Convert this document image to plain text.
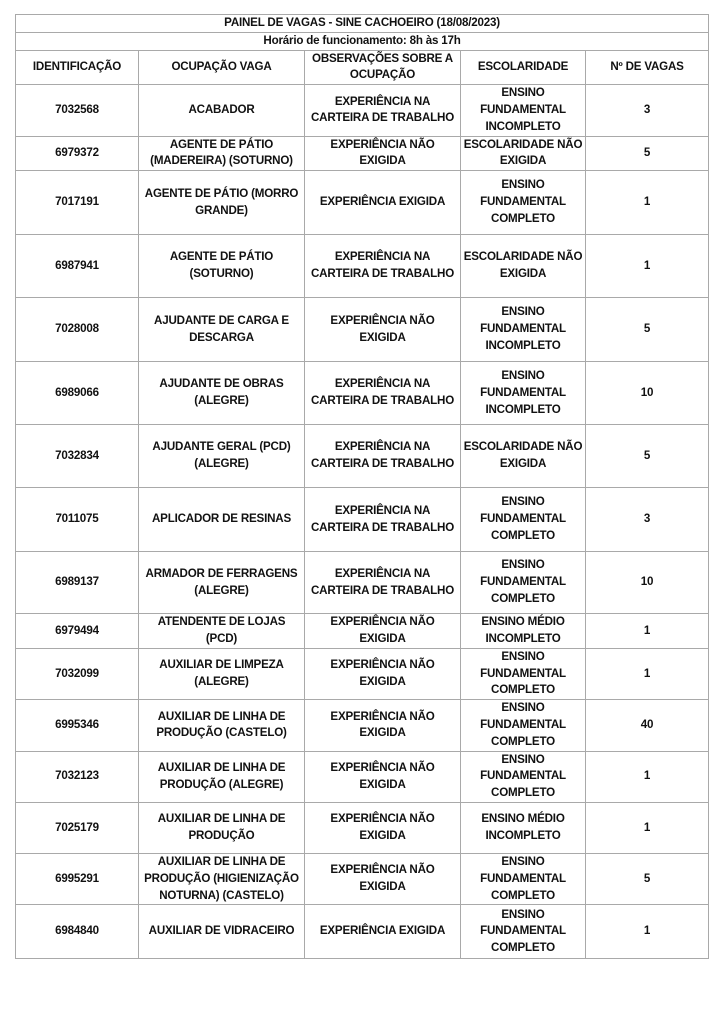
PAINEL DE VAGAS - SINE CACHOEIRO (18/08/2023)				
Horário de funcionamento: 8h às 17h				
IDENTIFICAÇÃO	OCUPAÇÃO VAGA	OBSERVAÇÕES SOBRE A OCUPAÇÃO	ESCOLARIDADE	Nº DE VAGAS
7032568	ACABADOR	EXPERIÊNCIA NA CARTEIRA DE TRABALHO	ENSINO FUNDAMENTAL INCOMPLETO	3
6979372	AGENTE DE PÁTIO (MADEREIRA) (SOTURNO)	EXPERIÊNCIA NÃO EXIGIDA	ESCOLARIDADE NÃO EXIGIDA	5
7017191	AGENTE DE PÁTIO (MORRO GRANDE)	EXPERIÊNCIA EXIGIDA	ENSINO FUNDAMENTAL COMPLETO	1
6987941	AGENTE DE PÁTIO (SOTURNO)	EXPERIÊNCIA NA CARTEIRA DE TRABALHO	ESCOLARIDADE NÃO EXIGIDA	1
7028008	AJUDANTE DE CARGA E DESCARGA	EXPERIÊNCIA NÃO EXIGIDA	ENSINO FUNDAMENTAL INCOMPLETO	5
6989066	AJUDANTE DE OBRAS (ALEGRE)	EXPERIÊNCIA NA CARTEIRA DE TRABALHO	ENSINO FUNDAMENTAL INCOMPLETO	10
7032834	AJUDANTE GERAL (PCD) (ALEGRE)	EXPERIÊNCIA NA CARTEIRA DE TRABALHO	ESCOLARIDADE NÃO EXIGIDA	5
7011075	APLICADOR DE RESINAS	EXPERIÊNCIA NA CARTEIRA DE TRABALHO	ENSINO FUNDAMENTAL COMPLETO	3
6989137	ARMADOR DE FERRAGENS (ALEGRE)	EXPERIÊNCIA NA CARTEIRA DE TRABALHO	ENSINO FUNDAMENTAL COMPLETO	10
6979494	ATENDENTE DE LOJAS (PCD)	EXPERIÊNCIA NÃO EXIGIDA	ENSINO MÉDIO INCOMPLETO	1
7032099	AUXILIAR DE LIMPEZA (ALEGRE)	EXPERIÊNCIA NÃO EXIGIDA	ENSINO FUNDAMENTAL COMPLETO	1
6995346	AUXILIAR DE LINHA DE PRODUÇÃO (CASTELO)	EXPERIÊNCIA NÃO EXIGIDA	ENSINO FUNDAMENTAL COMPLETO	40
7032123	AUXILIAR DE LINHA DE PRODUÇÃO (ALEGRE)	EXPERIÊNCIA NÃO EXIGIDA	ENSINO FUNDAMENTAL COMPLETO	1
7025179	AUXILIAR DE LINHA DE PRODUÇÃO	EXPERIÊNCIA NÃO EXIGIDA	ENSINO MÉDIO INCOMPLETO	1
6995291	AUXILIAR DE LINHA DE PRODUÇÃO (HIGIENIZAÇÃO NOTURNA) (CASTELO)	EXPERIÊNCIA NÃO EXIGIDA	ENSINO FUNDAMENTAL COMPLETO	5
6984840	AUXILIAR DE VIDRACEIRO	EXPERIÊNCIA EXIGIDA	ENSINO FUNDAMENTAL COMPLETO	1
